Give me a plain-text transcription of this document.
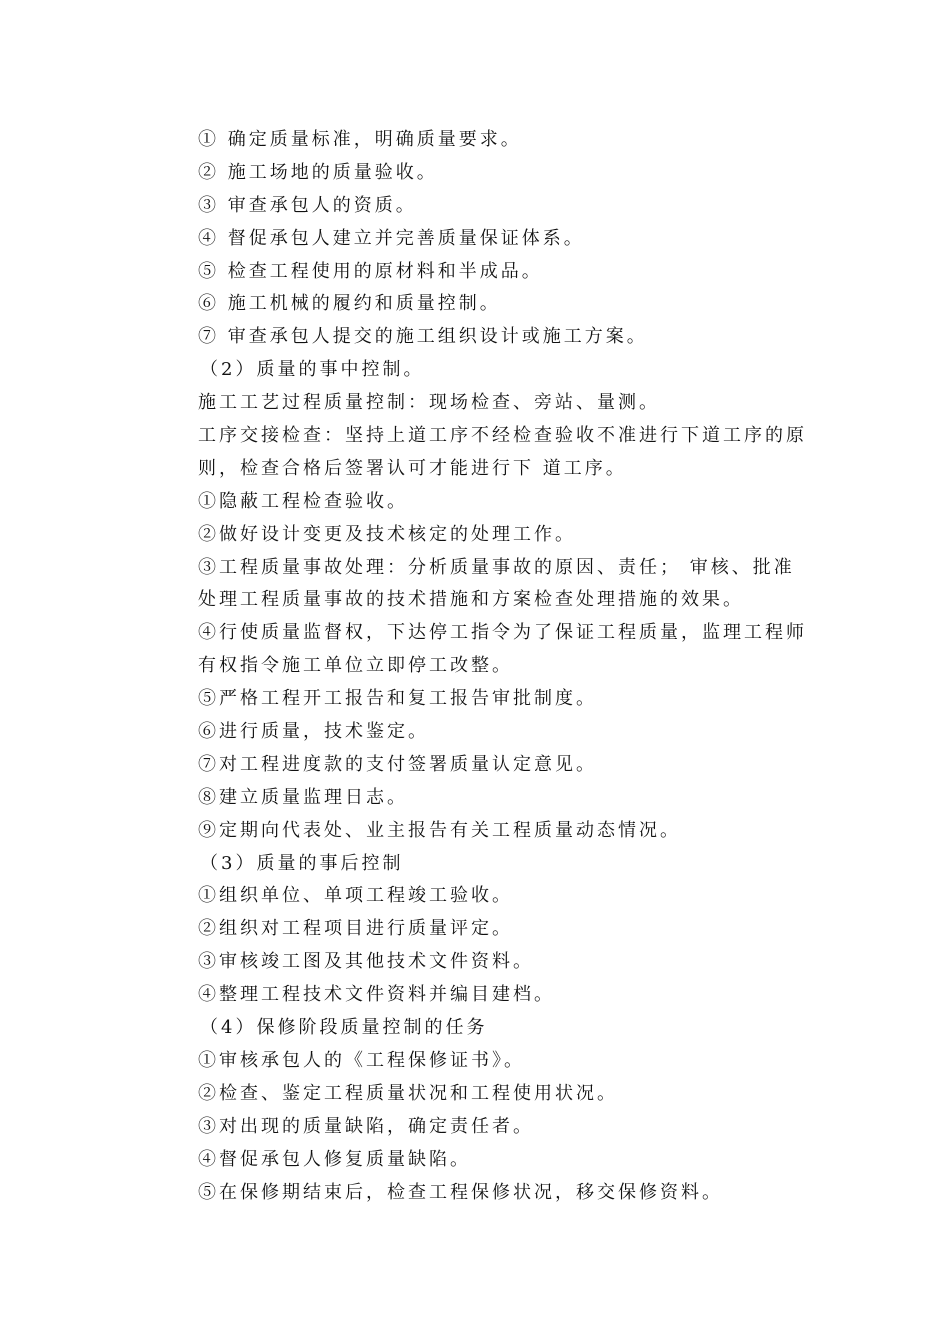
① 确定质量标准，明确质量要求。
② 施工场地的质量验收。
③ 审查承包人的资质。
④ 督促承包人建立并完善质量保证体系。
⑤ 检查工程使用的原材料和半成品。
⑥ 施工机械的履约和质量控制。
⑦ 审查承包人提交的施工组织设计或施工方案。
（2）质量的事中控制。
施工工艺过程质量控制：现场检查、旁站、量测。
工序交接检查：坚持上道工序不经检查验收不准进行下道工序的原
则，检查合格后签署认可才能进行下 道工序。
①隐蔽工程检查验收。
②做好设计变更及技术核定的处理工作。
③工程质量事故处理：分析质量事故的原因、责任； 审核、批准
处理工程质量事故的技术措施和方案检查处理措施的效果。
④行使质量监督权，下达停工指令为了保证工程质量，监理工程师
有权指令施工单位立即停工改整。
⑤严格工程开工报告和复工报告审批制度。
⑥进行质量，技术鉴定。
⑦对工程进度款的支付签署质量认定意见。
⑧建立质量监理日志。
⑨定期向代表处、业主报告有关工程质量动态情况。
（3）质量的事后控制
①组织单位、单项工程竣工验收。
②组织对工程项目进行质量评定。
③审核竣工图及其他技术文件资料。
④整理工程技术文件资料并编目建档。
（4）保修阶段质量控制的任务
①审核承包人的《工程保修证书》。
②检查、鉴定工程质量状况和工程使用状况。
③对出现的质量缺陷，确定责任者。
④督促承包人修复质量缺陷。
⑤在保修期结束后，检查工程保修状况，移交保修资料。
